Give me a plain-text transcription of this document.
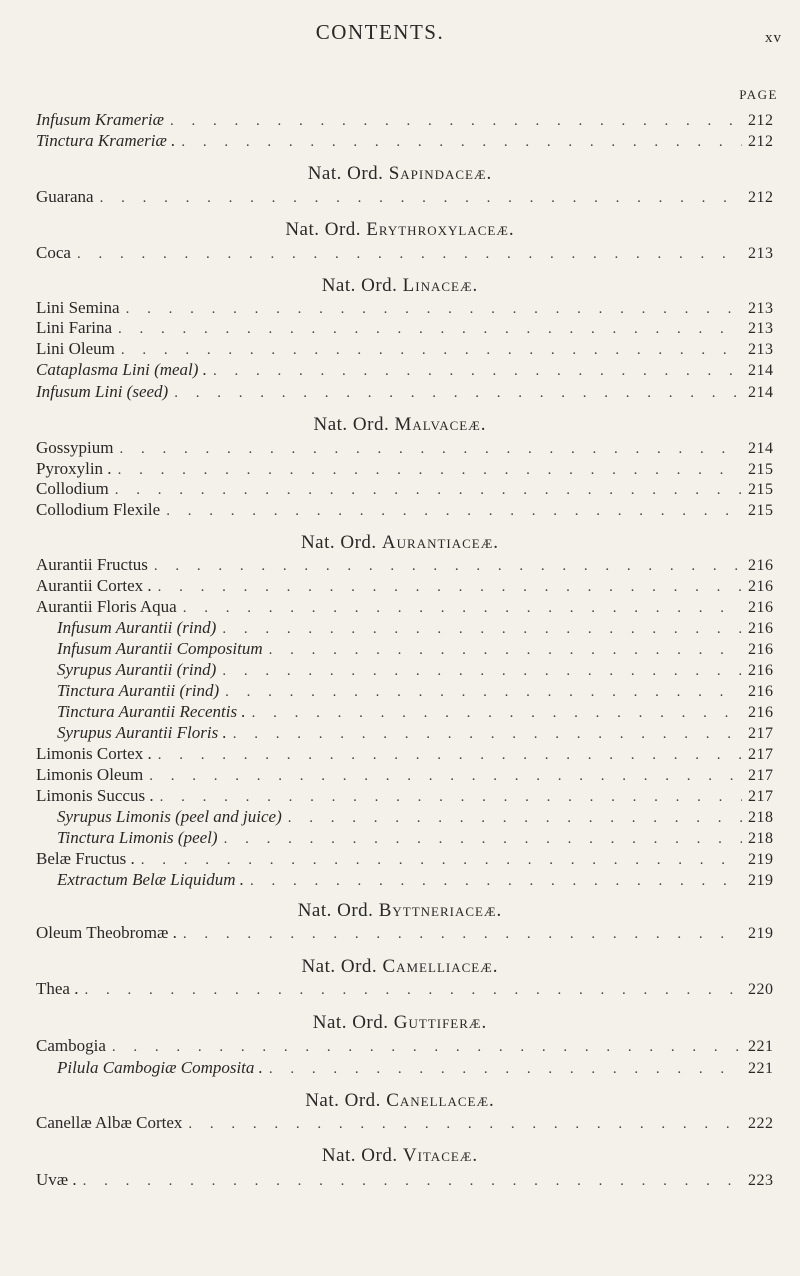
CONTENTS.	xv
PAGE
Infusum Krameriæ . . .	212
Tinctura Krameriæ . . . .	212
Nat. Ord. Sapindaceæ.
Guarana . . .	212
Nat. Ord. Erythroxylaceæ.
Coca . . .	213
Nat. Ord. Linaceæ.
Lini Semina . . .	213
Lini Farina . . .	213
Lini Oleum . . .	213
Cataplasma Lini (meal) . . . .	214
Infusum Lini (seed) . . .	214
Nat. Ord. Malvaceæ.
Gossypium . . .	214
Pyroxylin . . . .	215
Collodium . . .	215
Collodium Flexile . . .	215
Nat. Ord. Aurantiaceæ.
Aurantii Fructus . . .	216
Aurantii Cortex . . . .	216
Aurantii Floris Aqua . . .	216
Infusum Aurantii (rind) . . .	216
Infusum Aurantii Compositum . . .	216
Syrupus Aurantii (rind) . . .	216
Tinctura Aurantii (rind) . . .	216
Tinctura Aurantii Recentis . . . .	216
Syrupus Aurantii Floris . . . .	217
Limonis Cortex . . . .	217
Limonis Oleum . . .	217
Limonis Succus . . . .	217
Syrupus Limonis (peel and juice) . . .	218
Tinctura Limonis (peel) . . .	218
Belæ Fructus . . . .	219
Extractum Belæ Liquidum . . . .	219
Nat. Ord. Byttneriaceæ.
Oleum Theobromæ . . . .	219
Nat. Ord. Camelliaceæ.
Thea . . . .	220
Nat. Ord. Guttiferæ.
Cambogia . . .	221
Pilula Cambogiæ Composita . . . .	221
Nat. Ord. Canellaceæ.
Canellæ Albæ Cortex . . .	222
Nat. Ord. Vitaceæ.
Uvæ . . . .	223
